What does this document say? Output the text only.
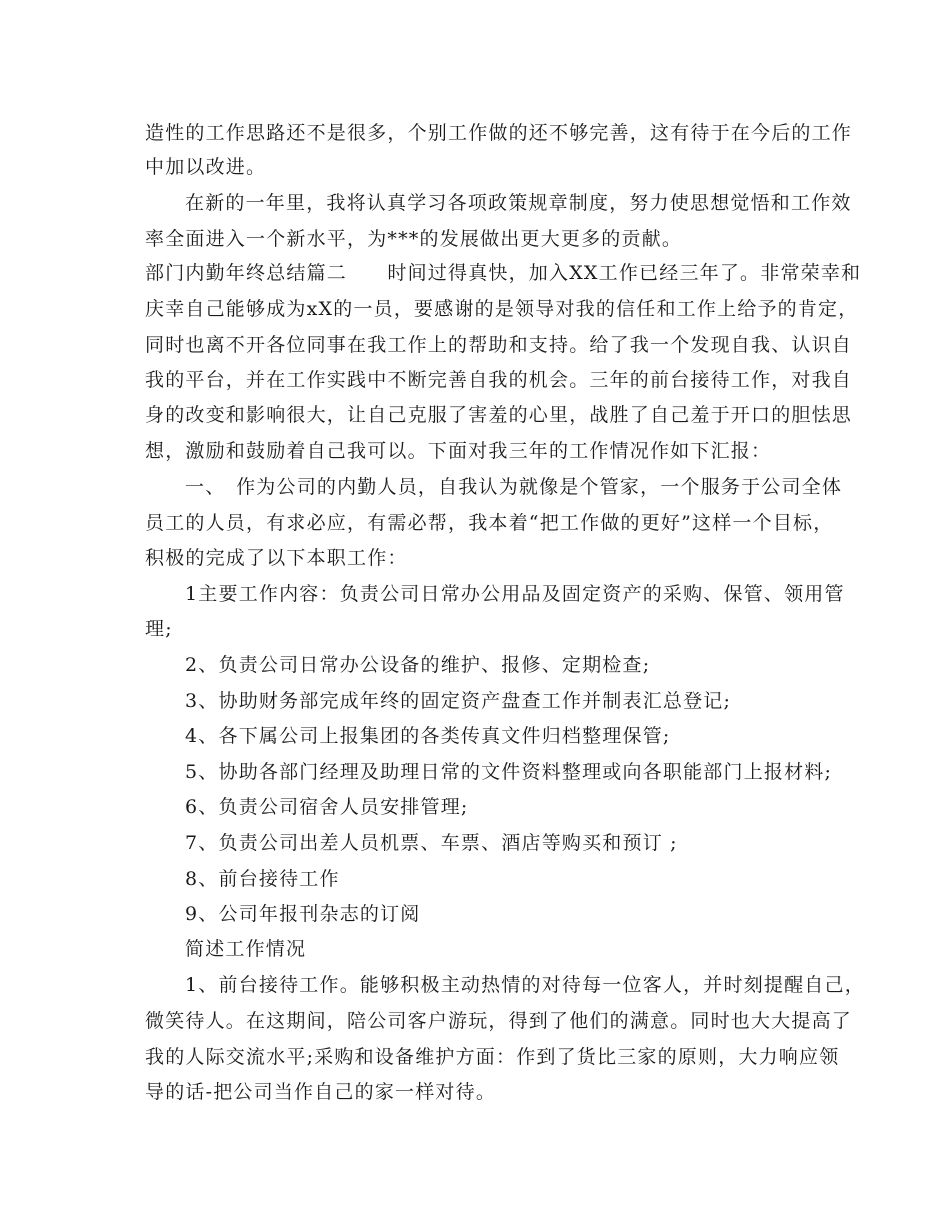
造性的工作思路还不是很多，个别工作做的还不够完善，这有待于在今后的工作
中加以改进。
在新的一年里，我将认真学习各项政策规章制度，努力使思想觉悟和工作效
率全面进入一个新水平，为***的发展做出更大更多的贡献。
部门内勤年终总结篇二　　时间过得真快，加入XX工作已经三年了。非常荣幸和
庆幸自己能够成为xX的一员，要感谢的是领导对我的信任和工作上给予的肯定，
同时也离不开各位同事在我工作上的帮助和支持。给了我一个发现自我、认识自
我的平台，并在工作实践中不断完善自我的机会。三年的前台接待工作，对我自
身的改变和影响很大，让自己克服了害羞的心里，战胜了自己羞于开口的胆怯思
想，激励和鼓励着自己我可以。下面对我三年的工作情况作如下汇报：
一、　作为公司的内勤人员，自我认为就像是个管家，一个服务于公司全体
员工的人员，有求必应，有需必帮，我本着“把工作做的更好”这样一个目标，
积极的完成了以下本职工作：
1主要工作内容：负责公司日常办公用品及固定资产的采购、保管、领用管
理;
2、负责公司日常办公设备的维护、报修、定期检查;
3、协助财务部完成年终的固定资产盘查工作并制表汇总登记;
4、各下属公司上报集团的各类传真文件归档整理保管;
5、协助各部门经理及助理日常的文件资料整理或向各职能部门上报材料;
6、负责公司宿舍人员安排管理;
7、负责公司出差人员机票、车票、酒店等购买和预订 ;
8、前台接待工作
9、公司年报刊杂志的订阅
简述工作情况
1、前台接待工作。能够积极主动热情的对待每一位客人，并时刻提醒自己，
微笑待人。在这期间，陪公司客户游玩，得到了他们的满意。同时也大大提高了
我的人际交流水平;采购和设备维护方面：作到了货比三家的原则，大力响应领
导的话-把公司当作自己的家一样对待。
